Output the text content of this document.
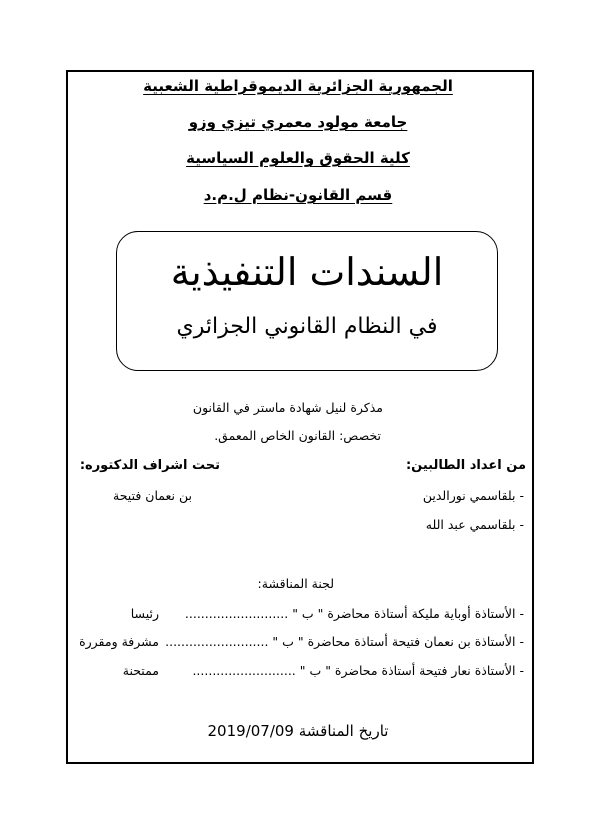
الجمهورية الجزائرية الديموقراطية الشعبية
جامعة مولود معمري تيزي وزو
كلية الحقوق والعلوم السياسية
قسم القانون-نظام ل.م.د
السندات التنفيذية
في النظام القانوني الجزائري
مذكرة لنيل شهادة ماستر في القانون
تخصص: القانون الخاص المعمق.
من اعداد الطالبين:
تحت اشراف الدكتوره:
- بلقاسمي نورالدين
- بلقاسمي عبد الله
بن نعمان فتيحة
لجنة المناقشة:
- الأستاذة أوباية مليكة أستاذة محاضرة " ب " ..........................
رئيسا
- الأستاذة بن نعمان فتيحة أستاذة محاضرة " ب " ..........................
مشرفة ومقررة
- الأستاذة نعار فتيحة أستاذة محاضرة " ب " ..........................
ممتحنة
تاريخ المناقشة 2019/07/09
